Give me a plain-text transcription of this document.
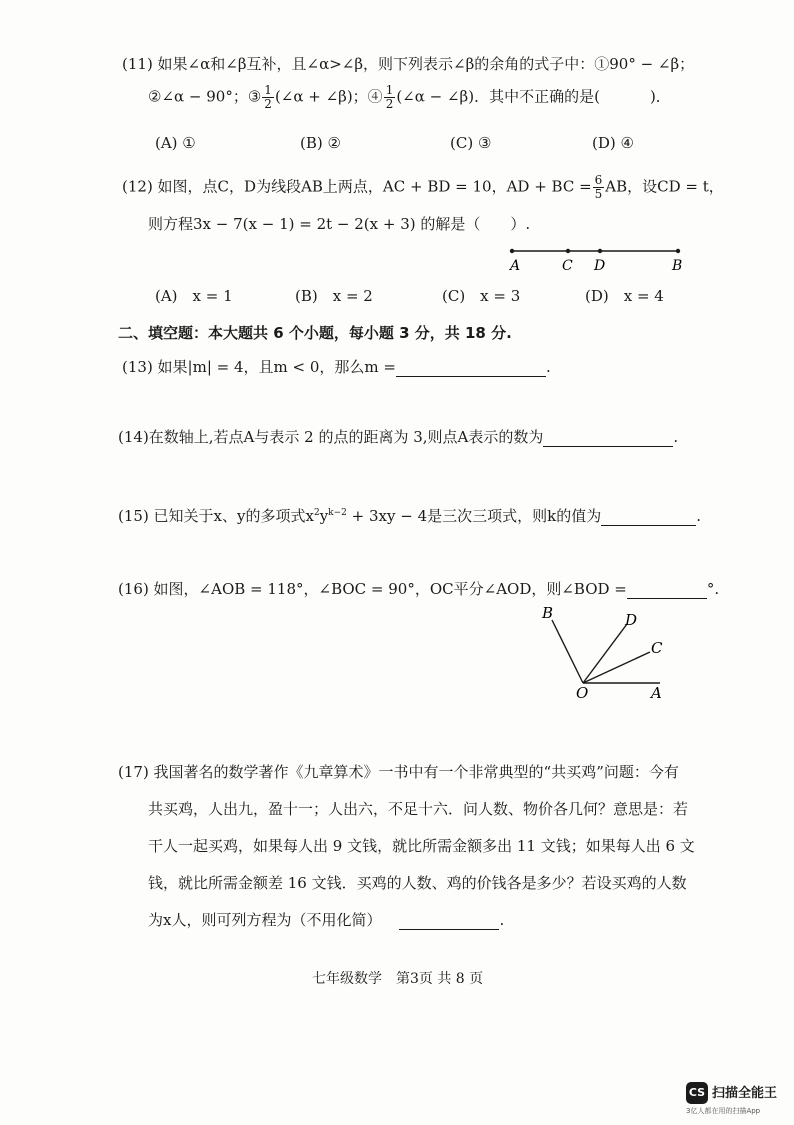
(11) 如果∠α和∠β互补，且∠α>∠β，则下列表示∠β的余角的式子中：①90° − ∠β；
②∠α − 90°；③ $\frac{1}{2}$ (∠α + ∠β)；④ $\frac{1}{2}$ (∠α − ∠β)．其中不正确的是(	)．
(A) ①	(B) ②	(C) ③	(D) ④
(12) 如图，点C，D为线段AB上两点，AC + BD = 10，AD + BC = $\frac{6}{5}$ AB，设CD = t，
则方程3x − 7(x − 1) = 2t − 2(x + 3) 的解是（　　）.
A	C D	B
(A)　x = 1	(B)　x = 2	(C)　x = 3	(D)　x = 4
二、填空题：本大题共 6 个小题，每小题 3 分，共 18 分.
(13) 如果|m| = 4，且m < 0，那么m =	.
(14)在数轴上,若点A与表示 2 的点的距离为 3,则点A表示的数为	.
(15) 已知关于x、y的多项式$x^2y^{k-2} + 3xy - 4$是三次三项式，则k的值为	.
(16) 如图，∠AOB = 118°，∠BOC = 90°，OC平分∠AOD，则∠BOD =	°.
B	D
C
O	A
(17) 我国著名的数学著作《九章算术》一书中有一个非常典型的“共买鸡”问题：今有
共买鸡，人出九，盈十一；人出六，不足十六．问人数、物价各几何？意思是：若
干人一起买鸡，如果每人出 9 文钱，就比所需金额多出 11 文钱；如果每人出 6 文
钱，就比所需金额差 16 文钱．买鸡的人数、鸡的价钱各是多少？若设买鸡的人数
为x人，则可列方程为（不用化简）	.
七年级数学　第3页 共 8 页
CS 扫描全能王
3亿人都在用的扫描App
